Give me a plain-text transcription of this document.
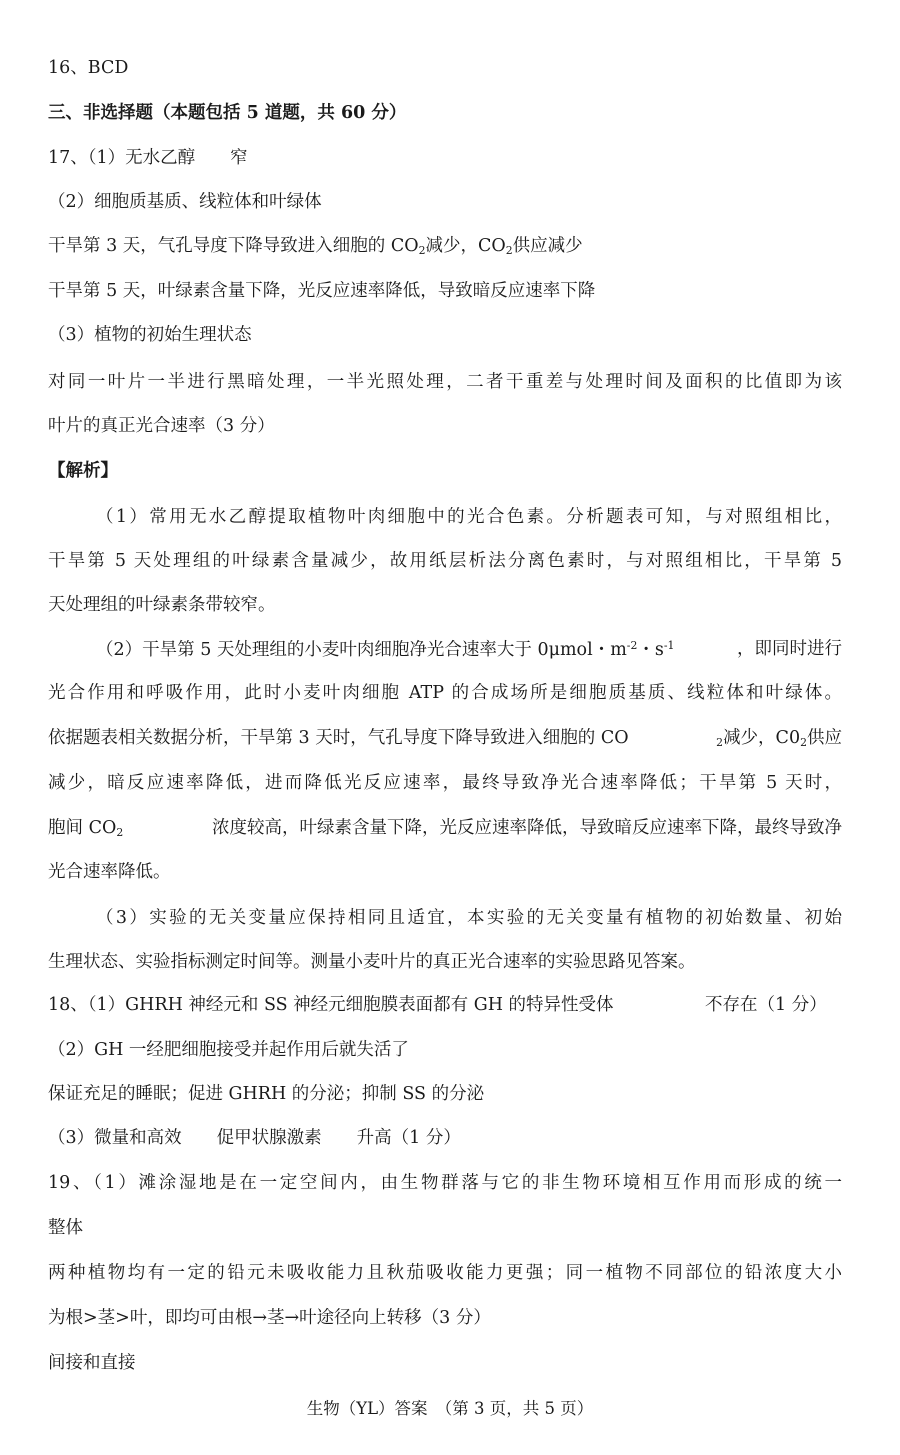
16、BCD

三、非选择题（本题包括 5 道题，共 60 分）

17、（1）无水乙醇　　窄

（2）细胞质基质、线粒体和叶绿体

干旱第 3 天，气孔导度下降导致进入细胞的 $CO_2$减少，$CO_2$供应减少

干旱第 5 天，叶绿素含量下降，光反应速率降低，导致暗反应速率下降

（3）植物的初始生理状态

对同一叶片一半进行黑暗处理，一半光照处理，二者干重差与处理时间及面积的比值即为该

叶片的真正光合速率（3 分）

【解析】

（1）常用无水乙醇提取植物叶肉细胞中的光合色素。分析题表可知，与对照组相比，

干旱第 5 天处理组的叶绿素含量减少，故用纸层析法分离色素时，与对照组相比，干旱第 5

天处理组的叶绿素条带较窄。

（2）干旱第 5 天处理组的小麦叶肉细胞净光合速率大于 0μmol・$m^{-2}$・$s^{-1}$	，即同时进行

光合作用和呼吸作用，此时小麦叶肉细胞 ATP 的合成场所是细胞质基质、线粒体和叶绿体。

依据题表相关数据分析，干旱第 3 天时，气孔导度下降导致进入细胞的 CO	$_2$减少，$C0_2$供应

减少，暗反应速率降低，进而降低光反应速率，最终导致净光合速率降低；干旱第 5 天时，

胞间 $CO_2$	浓度较高，叶绿素含量下降，光反应速率降低，导致暗反应速率下降，最终导致净

光合速率降低。

（3）实验的无关变量应保持相同且适宜，本实验的无关变量有植物的初始数量、初始

生理状态、实验指标测定时间等。测量小麦叶片的真正光合速率的实验思路见答案。

18、（1）GHRH 神经元和 SS 神经元细胞膜表面都有 GH 的特异性受体	不存在（1 分）

（2）GH 一经肥细胞接受并起作用后就失活了

保证充足的睡眠；促进 GHRH 的分泌；抑制 SS 的分泌

（3）微量和高效　　促甲状腺激素　　升高（1 分）

19、（1）滩涂湿地是在一定空间内，由生物群落与它的非生物环境相互作用而形成的统一

整体

两种植物均有一定的铅元未吸收能力且秋茄吸收能力更强；同一植物不同部位的铅浓度大小

为根>茎>叶，即均可由根→茎→叶途径向上转移（3 分）

间接和直接

生物（YL）答案　（第 3 页，共 5 页）
